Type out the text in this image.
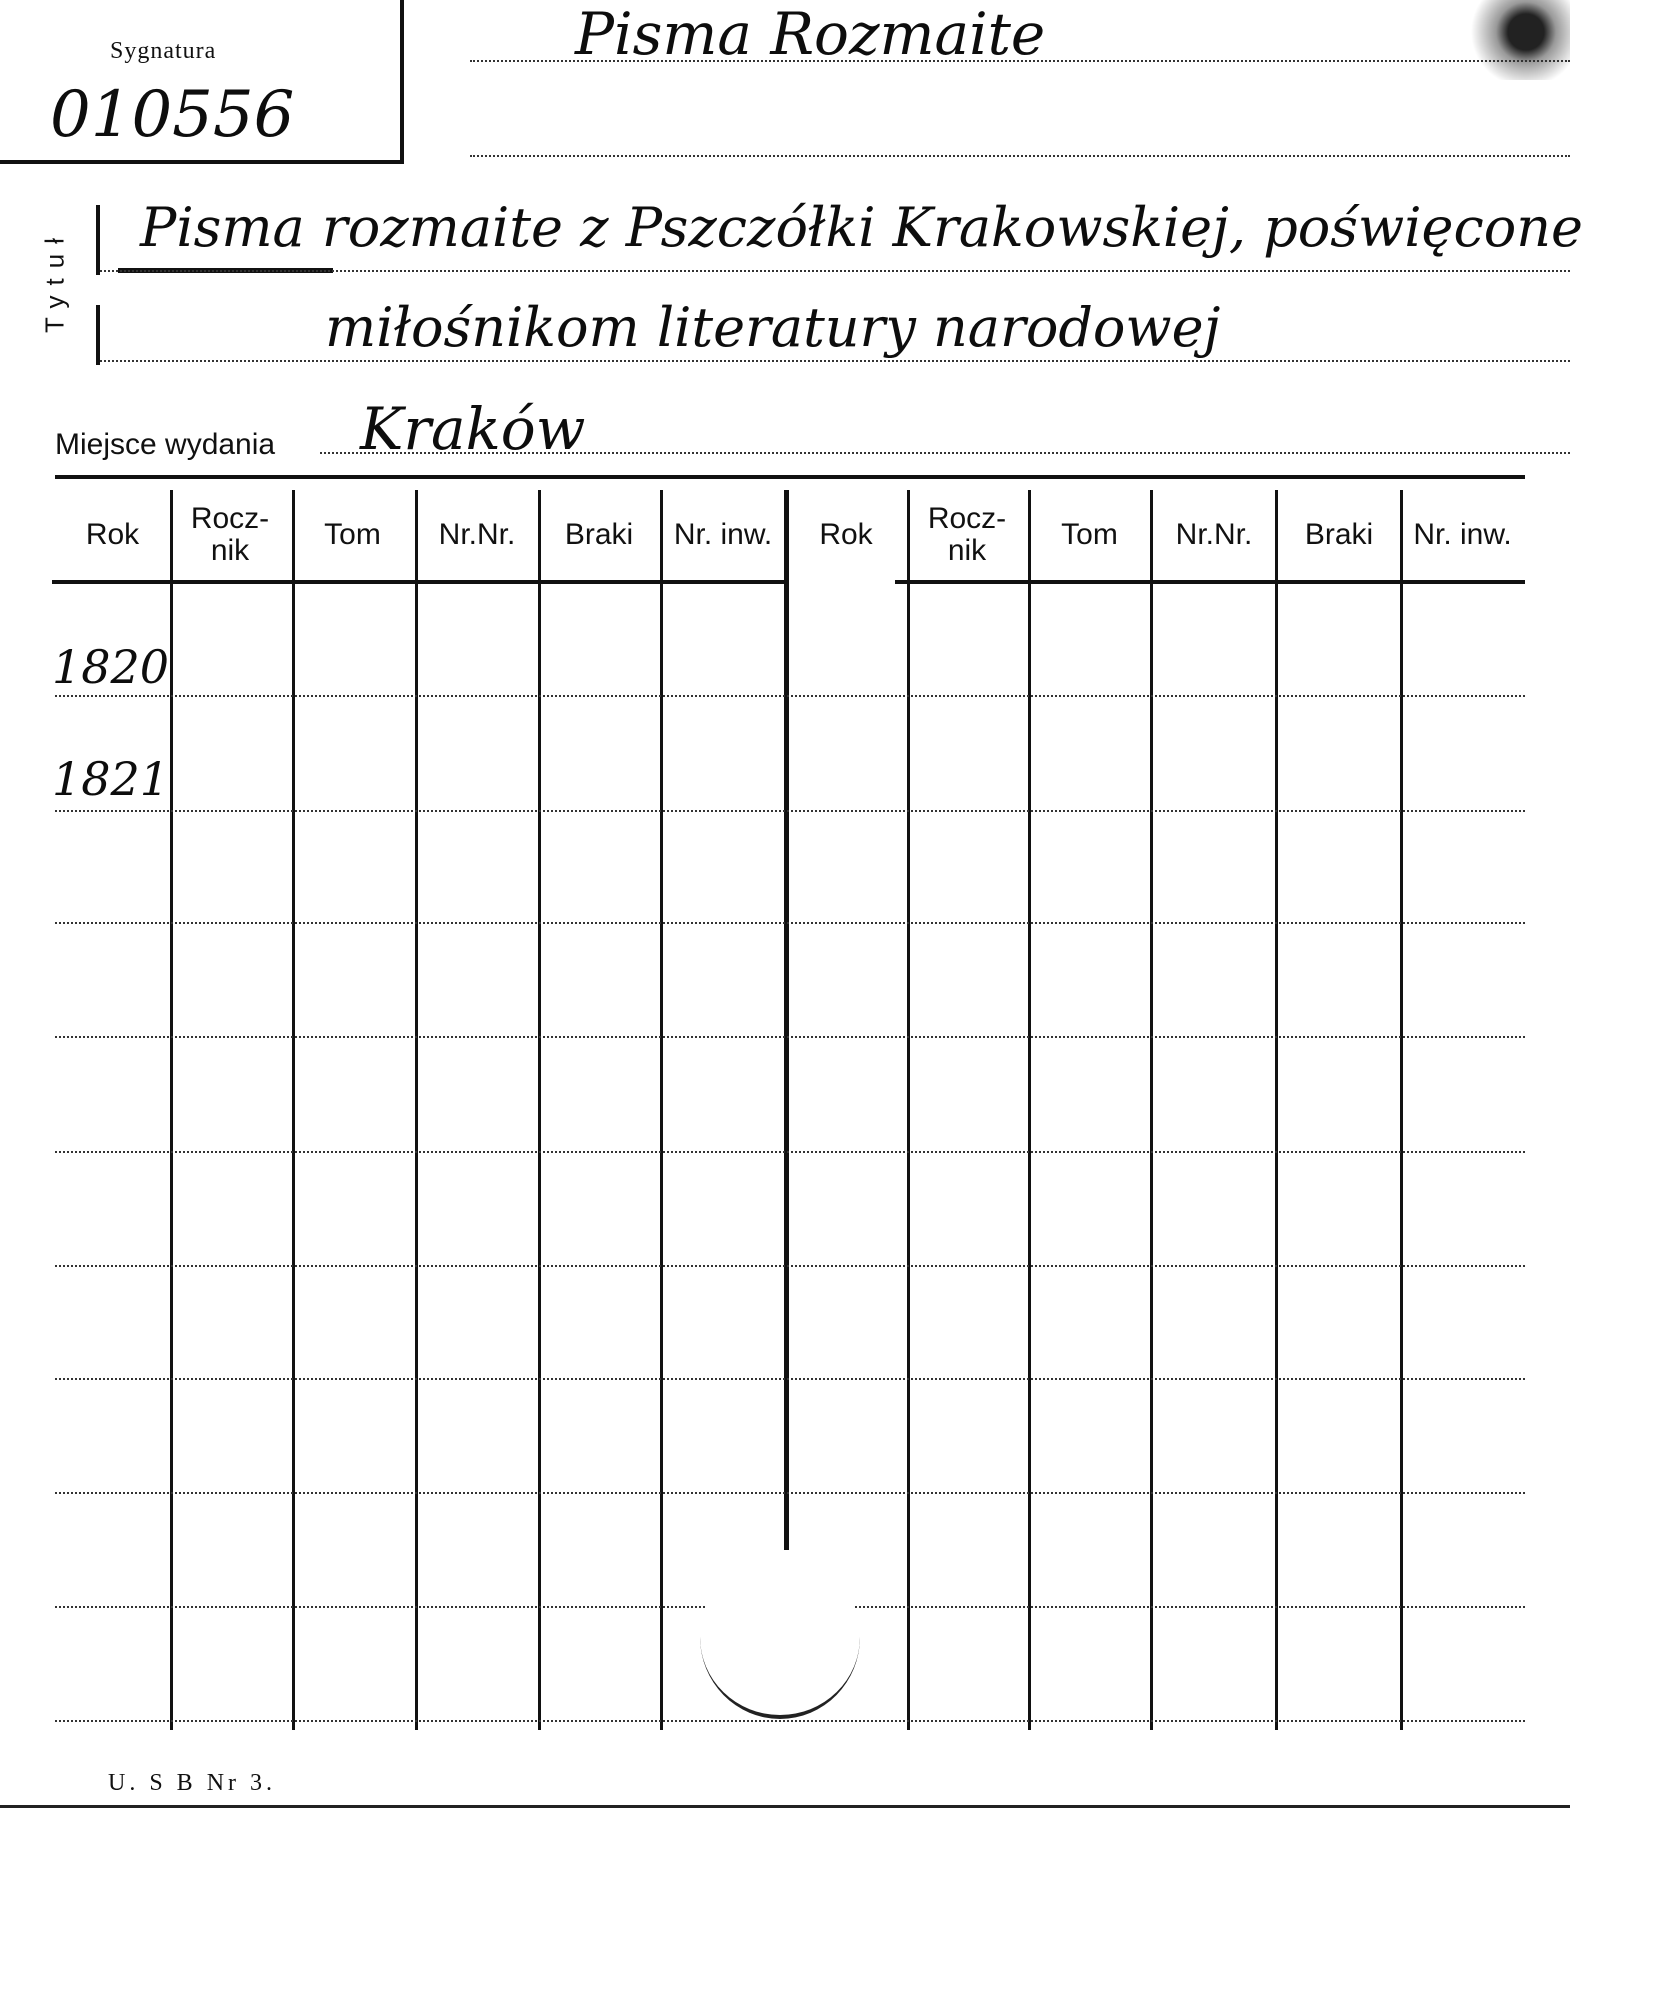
Sygnatura
010556
Pisma Rozmaite
Tytuł
Pisma rozmaite z Pszczółki Krakowskiej, poświęcone
miłośnikom literatury narodowej
Miejsce wydania Kraków
Rok	Rocz-nik	Tom	Nr.Nr.	Braki	Nr. inw.	Rok	Rocz-nik	Tom	Nr.Nr.	Braki	Nr. inw.
1820
1821
U. S B Nr 3.
